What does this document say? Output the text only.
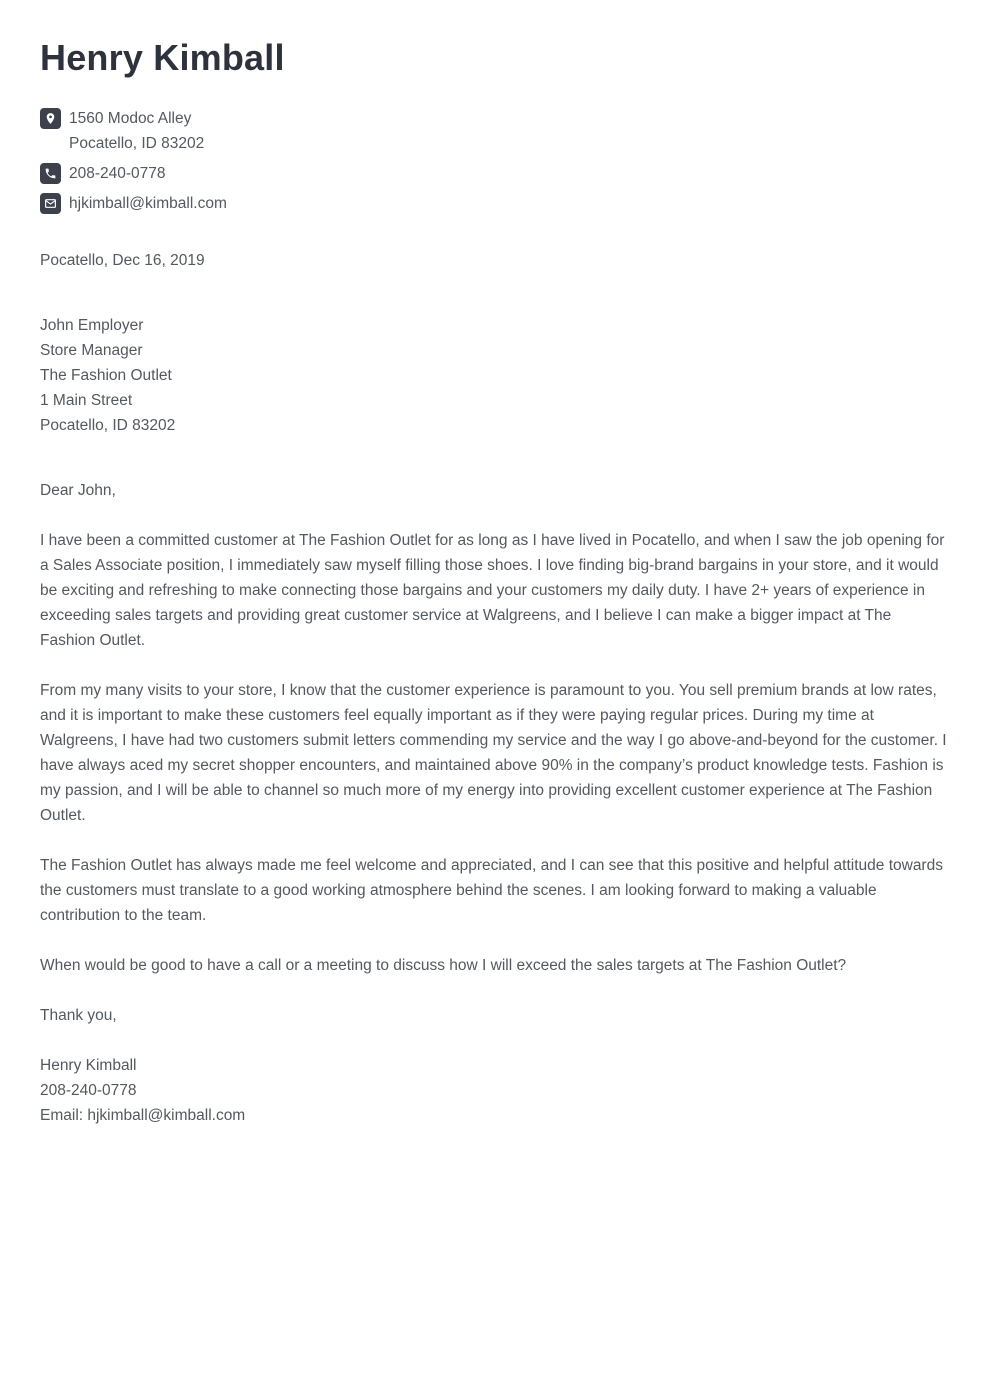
Henry Kimball
1560 Modoc Alley
Pocatello, ID 83202
208-240-0778
hjkimball@kimball.com
Pocatello, Dec 16, 2019
John Employer
Store Manager
The Fashion Outlet
1 Main Street
Pocatello, ID 83202
Dear John,

I have been a committed customer at The Fashion Outlet for as long as I have lived in Pocatello, and when I saw the job opening for a Sales Associate position, I immediately saw myself filling those shoes. I love finding big-brand bargains in your store, and it would be exciting and refreshing to make connecting those bargains and your customers my daily duty. I have 2+ years of experience in exceeding sales targets and providing great customer service at Walgreens, and I believe I can make a bigger impact at The Fashion Outlet.

From my many visits to your store, I know that the customer experience is paramount to you. You sell premium brands at low rates, and it is important to make these customers feel equally important as if they were paying regular prices. During my time at Walgreens, I have had two customers submit letters commending my service and the way I go above-and-beyond for the customer. I have always aced my secret shopper encounters, and maintained above 90% in the company’s product knowledge tests. Fashion is my passion, and I will be able to channel so much more of my energy into providing excellent customer experience at The Fashion Outlet.

The Fashion Outlet has always made me feel welcome and appreciated, and I can see that this positive and helpful attitude towards the customers must translate to a good working atmosphere behind the scenes. I am looking forward to making a valuable contribution to the team.

When would be good to have a call or a meeting to discuss how I will exceed the sales targets at The Fashion Outlet?

Thank you,
Henry Kimball
208-240-0778
Email: hjkimball@kimball.com
